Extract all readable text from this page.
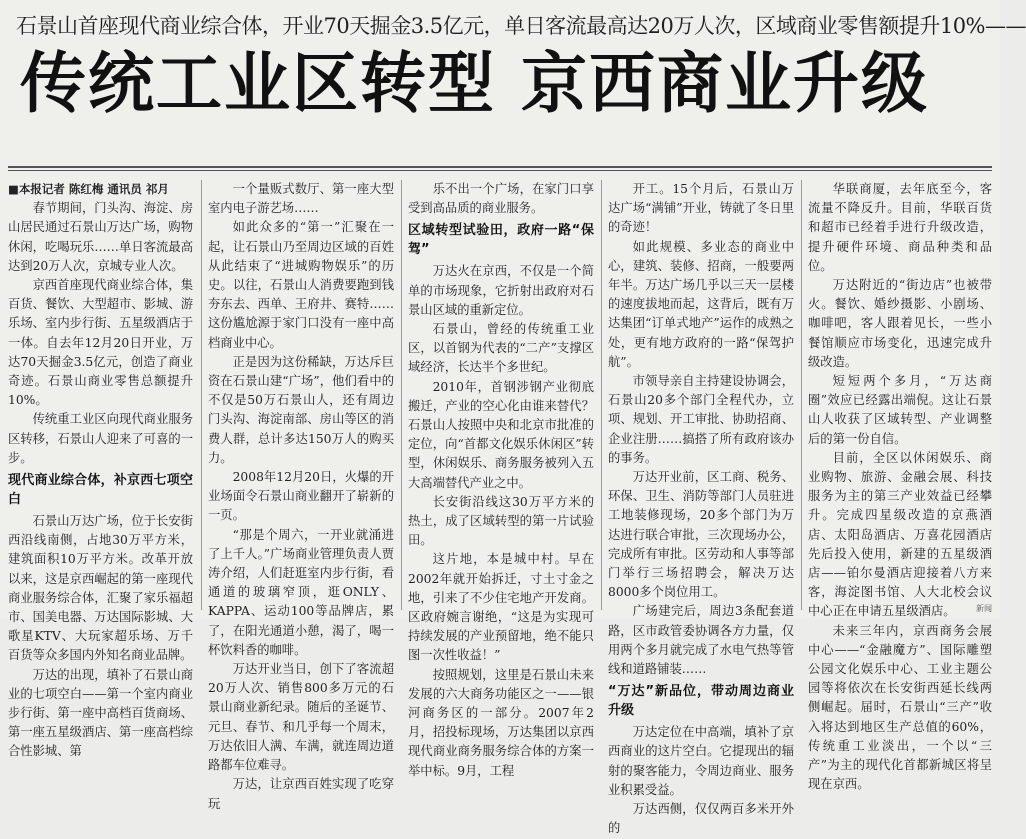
石景山首座现代商业综合体，开业70天掘金3.5亿元，单日客流最高达20万人次，区域商业零售额提升10%——
传统工业区转型 京西商业升级

■本报记者 陈红梅 通讯员 祁月

春节期间，门头沟、海淀、房山居民通过石景山万达广场，购物休闲，吃喝玩乐……单日客流最高达到20万人次，京城专业人次。

京西首座现代商业综合体，集百货、餐饮、大型超市、影城、游乐场、室内步行街、五星级酒店于一体。自去年12月20日开业，万达70天掘金3.5亿元，创造了商业奇迹。石景山商业零售总额提升10%。

传统重工业区向现代商业服务区转移，石景山人迎来了可喜的一步。

现代商业综合体，补京西七项空白

石景山万达广场，位于长安街西沿线南侧，占地30万平方米，建筑面积10万平方米。改革开放以来，这是京西崛起的第一座现代商业服务综合体，汇聚了家乐福超市、国美电器、万达国际影城、大歌星KTV、大玩家超乐场、万千百货等众多国内外知名商业品牌。

万达的出现，填补了石景山商业的七项空白——第一个室内商业步行街、第一座中高档百货商场、第一座五星级酒店、第一座高档综合性影城、第

一个量贩式数厅、第一座大型室内电子游艺场……

如此众多的“第一”汇聚在一起，让石景山乃至周边区域的百姓从此结束了“进城购物娱乐”的历史。以往，石景山人消费要跑到钱夯东去、西单、王府井、赛特……这份尴尬源于家门口没有一座中高档商业中心。

正是因为这份稀缺，万达斥巨资在石景山建“广场”，他们看中的不仅是50万石景山人，还有周边门头沟、海淀南部、房山等区的消费人群，总计多达150万人的购买力。

2008年12月20日，火爆的开业场面令石景山商业翻开了崭新的一页。

“那是个周六，一开业就涌进了上千人。”广场商业管理负责人贾涛介绍，人们赶逛室内步行街，看通道的玻璃窄顶，逛ONLY、KAPPA、运动100等品牌店，累了，在阳光通道小憩，渴了，喝一杯饮料香的咖啡。

万达开业当日，创下了客流超20万人次、销售800多万元的石景山商业新纪录。随后的圣诞节、元旦、春节、和几乎每一个周末，万达依旧人满、车满，就连周边道路都车位难寻。

万达，让京西百姓实现了吃穿玩

乐不出一个广场，在家门口享受到高品质的商业服务。

区域转型试验田，政府一路“保驾”

万达火在京西，不仅是一个简单的市场现象，它折射出政府对石景山区域的重新定位。

石景山，曾经的传统重工业区，以首钢为代表的“二产”支撑区域经济，长达半个多世纪。

2010年，首钢涉钢产业彻底搬迁，产业的空心化由谁来替代？石景山人按照中央和北京市批准的定位，向“首都文化娱乐休闲区”转型，休闲娱乐、商务服务被列入五大高端替代产业之中。

长安街沿线这30万平方米的热土，成了区域转型的第一片试验田。

这片地，本是城中村。早在2002年就开始拆迁，寸土寸金之地，引来了不少住宅地产开发商。区政府婉言谢绝，“这是为实现可持续发展的产业预留地，绝不能只图一次性收益！”

按照规划，这里是石景山未来发展的六大商务功能区之一——银河商务区的一部分。2007年2月，招投标现场，万达集团以京西现代商业商务服务综合体的方案一举中标。9月，工程

开工。15个月后，石景山万达广场“满铺”开业，铸就了冬日里的奇迹！

如此规模、多业态的商业中心，建筑、装修、招商，一般要两年半。万达广场几乎以三天一层楼的速度拔地而起，这背后，既有万达集团“订单式地产”运作的成熟之处，更有地方政府的一路“保驾护航”。

市领导亲自主持建设协调会，石景山20多个部门全程代办，立项、规划、开工审批、协助招商、企业注册……搞搭了所有政府该办的事务。

万达开业前，区工商、税务、环保、卫生、消防等部门人员驻进工地装修现场，20多个部门为万达进行联合审批，三次现场办公，完成所有审批。区劳动和人事等部门举行三场招聘会，解决万达8000多个岗位用工。

广场建完后，周边3条配套道路，区市政管委协调各方力量，仅用两个多月就完成了水电气热等管线和道路铺装……

“万达”新品位，带动周边商业升级

万达定位在中高端，填补了京西商业的这片空白。它提现出的辐射的聚客能力，令周边商业、服务业积累受益。

万达西侧，仅仅两百多米开外的

华联商厦，去年底至今，客流量不降反升。目前，华联百货和超市已经着手进行升级改造，提升硬件环境、商品种类和品位。

万达附近的“街边店”也被带火。餐饮、婚纱摄影、小剧场、咖啡吧，客人跟着见长，一些小餐馆顺应市场变化，迅速完成升级改造。

短短两个多月，“万达商圈”效应已经露出端倪。这让石景山人收获了区域转型、产业调整后的第一份自信。

目前，全区以休闲娱乐、商业购物、旅游、金融会展、科技服务为主的第三产业效益已经攀升。完成四星级改造的京燕酒店、太阳岛酒店、万喜花园酒店先后投入使用，新建的五星级酒店——铂尔曼酒店迎接着八方来客，海淀图书馆、人大北校会议中心正在申请五星级酒店。

未来三年内，京西商务会展中心——“金融魔方”、国际雕塑公园文化娱乐中心、工业主题公园等将依次在长安街西延长线两侧崛起。届时，石景山“三产”收入将达到地区生产总值的60%，传统重工业淡出，一个以“三产”为主的现代化首都新城区将呈现在京西。

新闻
